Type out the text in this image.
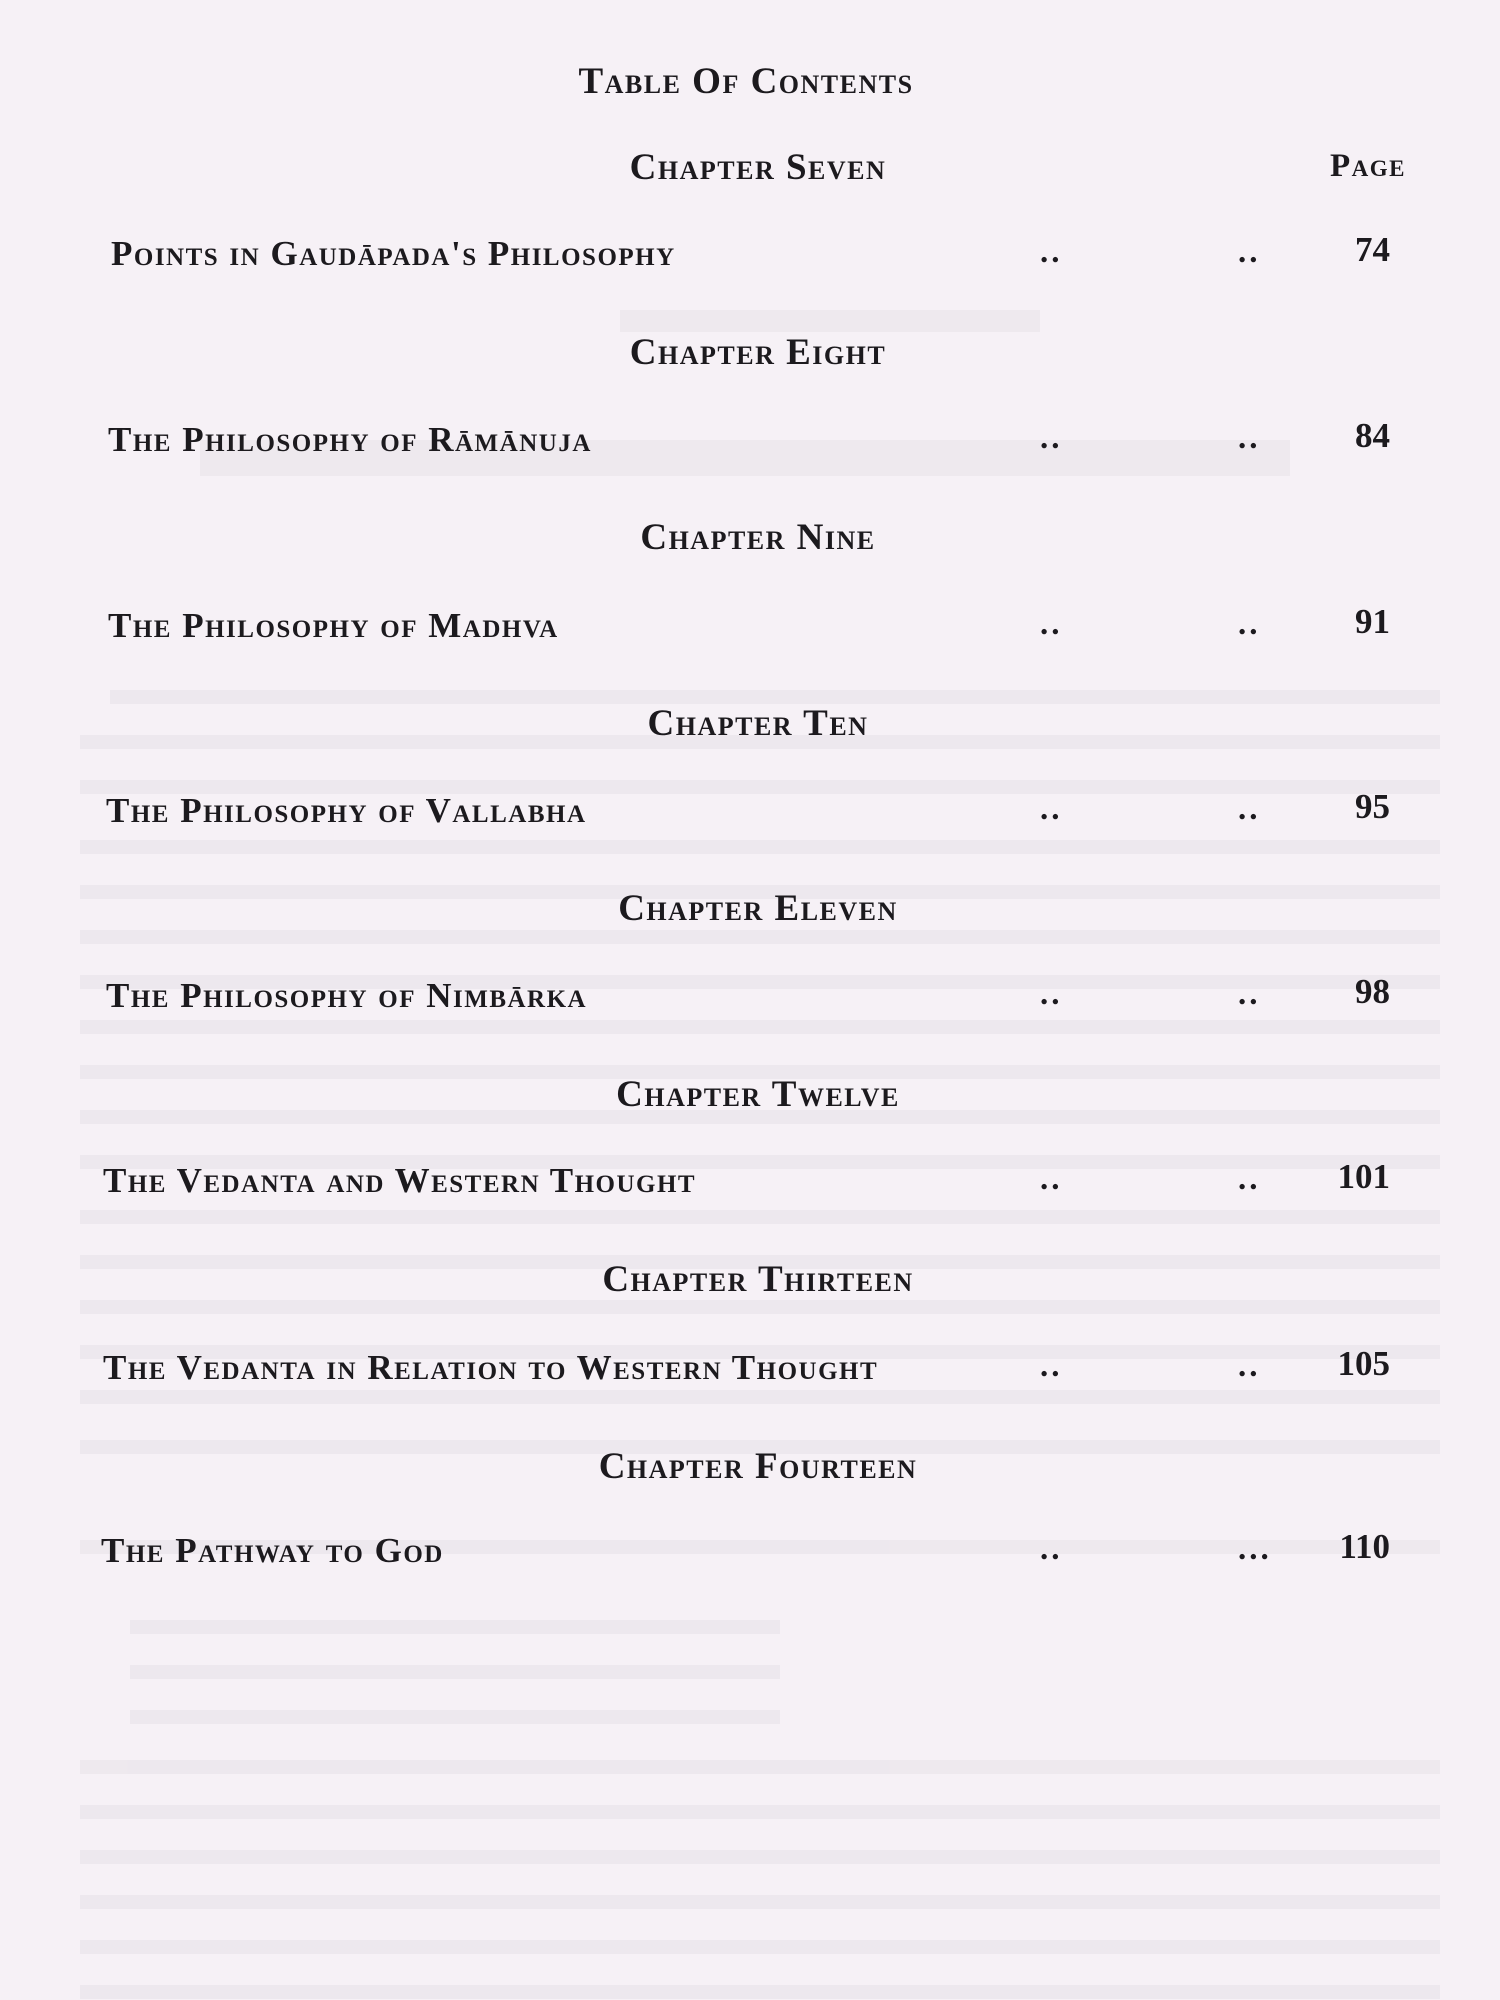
Table Of Contents
Page
Chapter Seven
Points in Gaudāpada's Philosophy	..	..	74
Chapter Eight
The Philosophy of Rāmānuja	..	..	84
Chapter Nine
The Philosophy of Madhva	..	..	91
Chapter Ten
The Philosophy of Vallabha	..	..	95
Chapter Eleven
The Philosophy of Nimbārka	..	..	98
Chapter Twelve
The Vedanta and Western Thought	..	..	101
Chapter Thirteen
The Vedanta in Relation to Western Thought	..	..	105
Chapter Fourteen
The Pathway to God	..	...	110
